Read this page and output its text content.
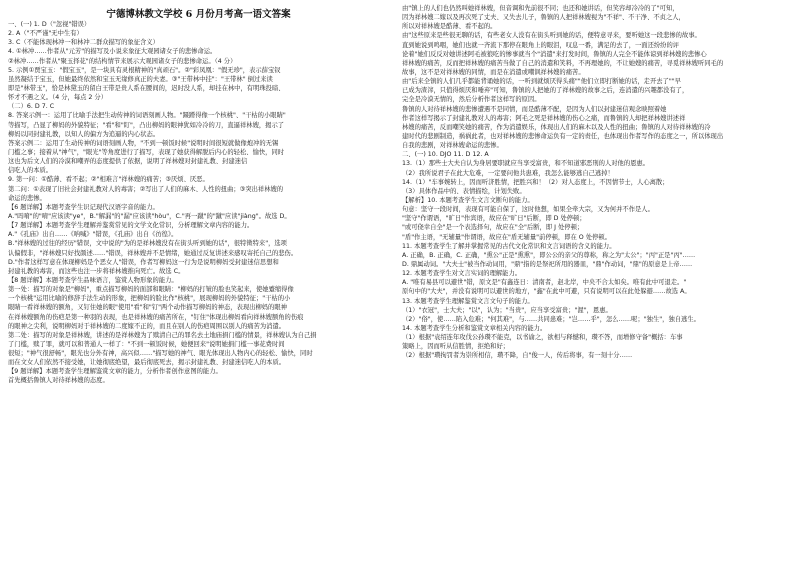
宁德博林教文学校 6 月份月考高一语文答案
一、(一) 1. D（"忽视"错误）
2. A（"不严谨"无中生有）
3. C（不能体现林冲一和林冲二群众描写的象征含义）
4. ①林冲……作者从"元芳"的描写及小说来象征大观园诸女子的悲惨命运。
②林冲……作者从"聚玉择花"的结构情节来展示大观园诸女子的悲惨命运。（4 分）
5. 示例①贾宝玉："假宝玉"，是一块具有灵根精神的"真顽石"。②"彩凤凰："假无珍"，表示薛宝钗
虽然凝结于宝玉，但她最终依然和宝玉无缘修真正的夫妻。③"王带林中挂"："王带林" 倒过来读
即是"林带玉"，恰是林黛玉的留白王带是贵人系在腰间的，迟时没人系，却挂在林中，有明珠投暗、
怀才不遇之义。（4 分，每点 2 分）
（二）6. D 7. C
8. 答案示例一：运用了比喻手法把生动传神的词语刻画人物。"蹑蹐得像一个核桃"、"干枯的小眼睛"
等描写，凸显了柳妈的外貌特征；"看"和"盯"，凸出柳妈的眼神犹如冷冷的刀，直逼祥林嫂，揭示了
柳妈以同封建礼教，以知人的偏方为追逼的内心状态。
答案示例二：运用了生动传神的词语刻画人物，"不到一顿饭时候"说明时间很短就做像炮冲的无锡
门槛之事；接着从"神气"，"眼光"等角度进行了描写，表现了她获得解脱后内心的轻松、愉快，同时
这也为后文人们的冷漠和嘲弄的态度提供了依据，说明了祥林嫂对封建礼教、封建迷信
信吃人的本质。
9. 第一问：①酷薄、看不起；②"相难言"祥林嫂的痛苦；③厌烦、厌恶。
第二问：①表现了旧社会封建礼教对人的毒害；②写出了人们的麻木、人性的扭曲；③突出祥林嫂的
命运的悲惨。
【6 题详解】本题考查学生识记现代汉语字音的能力。
A."吗唷"的"唷"应该读"ye"，B."解漏"的"漏"应该读"hòu"，C."再一蹴"的"蹴"应读"jiàng"。故选 D。
【7 题详解】本题考查学生理解并鉴赏常见的文学文化常识，分析理解文章内容的能力。
A."《孔庙》出自……《呐喊》"错误，《孔庙》出自《彷徨》。
B."祥林嫂的过往的经历"错误，文中说的"为的是祥林嫂没有在街头听到她的话"，很特徵特来"，选项
认偏假非，"祥林嫂只好找颜述……"错误，祥林嫂并不是情绪，她通过反复讲述来感叹寄托自己的悲伤。
D."作者这样写意在体现柳妈是个恶女人"错误，作者写柳妈这一行为是说明柳妈受封建迷信思想和
封建礼教的毒害，而这些也注一步将祥林嫂推向死亡。故选 C。
【8 题详解】本题考查学生品味语言，鉴赏人物形象的能力。
第一处：描写的对象是"柳妈"，重点描写柳妈的面部和眼睛："柳妈的打皱的脸也笑起来，使她蹙缩得像
一个核桃"运用比喻的修辞手法生动的形象，把柳妈的脸比作"核桃"，展现柳妈的外貌特征；"干枯的小
眼睛一看祥林嫂的额角，又钉住她的眼"使用"看"和"钉"两个动作描写柳妈的神态，表现出柳妈的眼神
在祥林嫂额角的伤疤是第一种羽的表现，也是祥林嫂的痛苦所在，"钉住"体现出柳妈看向祥林嫂额角的伤痕
的眼神之尖利，说明柳妈对于祥林嫂的二度嫁不正的，而且在别人的伤疤周围以别人的痛苦为消遣。
第二处：描写的对象是祥林嫂，讲述的是祥林嫂为了赎清自己的罪名去土地庙捐门槛的情景，祥林嫂认为自己捐
了门槛，赎了罪，就可以和普通人一样了："不到一顿饭时候，她便回来"说明她捐门槛一事花费时间
很短；"神气很舒畅"，眼光也分外有神，高兴似……"描写她的神气、眼光体现出人物内心的轻松、愉快，同时
而在文女人们依然不接受她，让她彻底绝望，最后彻底死去，揭示封建礼教、封建迷信吃人的本质。
【9 题详解】本题考查学生理解鉴赏文章的能力，分析作者创作意图的能力。
首先概括鲁镇人对待祥林嫂的态度。
由"镇上的人们也仍然叫她祥林嫂，但音调和先前很不同；也还和她讲话，但笑容却冷冷的了"可知，
因为祥林嫂二嫁以及再次死了丈夫、又失去儿子，鲁镇的人把祥林嫂视为"不祥"、不干净、不贞之人，
所以对祥林嫂是酷薄、看不起的。
由"这些原来是些很无聊的话，有些老女人没有在街头听到她的话，便特意寻来，要听她这一段悲惨的故事。
直到她说到鸣咽，她们也就一齐流下那停在眼角上的眼泪，叹息一番，满足的去了，一面还纷纷的评
论着"她们反反对她讲述阿毛被狼吃的惨事就当个"消遣"来打发时间，鲁镇的人完全不能体谅到祥林嫂的悲惨心
祥林嫂的痛苦，反而把祥林嫂的痛苦当做了自己的消遣和笑料，不再理她的，不让她嫂的痛苦，寻觅祥林嫂听同毛的
故事，这不是对祥林嫂的同情，而是在消遣或嘲讽祥林嫂的痛苦。
由"后来全镇的人们几乎都能背诵她的话，一听到就烦厌得头痛""他们立即打断她的话，走开去了""早
已成为渣滓，只值得烦厌和唾弃"可知，鲁镇的人把她的了祥林嫂的故事之后，连消遣的兴趣都没有了，
完全是冷漠无情的，然后分析作者这样写的原因。
鲁镇的人对待祥林嫂的悲惨遭遇不是同情，而是酷薄不配，是因为人们以封建迷信观念映照着她
作者这样写揭示了封建礼教对人的毒害；阿毛之死是祥林嫂的伤心之痛，而鲁镇的人却把祥林嫂讲述祥
林嫂的痛苦，反而嘲笑她的痛苦，作为消遣娱乐，体现出人们的麻木以及人性的扭曲；鲁镇的人对待祥林嫂的冷
建时代的悲剧制造，祸祸此者，也对祥林嫂的悲惨命运负有一定的责任，也体现出作者写作的态度之一，所以体现出
自我的悲剧，对祥林嫂命运的悲惨。
二、(一) 10. DJO 11. D 12. A
13.（1）那些士大夫自认为身居要职就应当享受富贵，和不知道邪恶刑的人对他的恩惠。
（2）我所说君子在此大危难，一定要问他共患难，我怎么能够逃自己逃掉！
14.（1）"车事婉转上，因而听济胜情，把胜兴和！（2）对人态度上，不因情节士，人心离散；
（3）具体作品中的、表情描绘，计划失败。
【解析】10. 本题考查学生文言文断句的能力。
句意：坚守一段时间，表现有可能自保了，这时他想，如果全牵大宗，又为何并不作是人。
"坚守"作谓语，"旷日"作宾语，故应在"旷日"后断，即 D 处停顿；
"或可侥幸自全"是一个表选择句，故应在"全"后断，即 J 处停顿；
"盾"作主语，"无辅量"作谓语，故应在"盾无辅量"前停顿，即在 O 处停顿。
11. 本题考查学生了解并掌握常见的古代文化常识和文言词语的含义的能力。
A. 正确，B. 正确，C. 正确，"熏公"正是"熏熏"，即公公的亲父的尊称，称之为"太公"；"丙"正是"丙"……
D. 鼎属动词。"大夫士"被当作动词用，"鼎"指的是祭祀所用的器皿，"鼎"作动词，"鼎"的原意是上帝……
12. 本题考查学生对文言实词的理解能力。
A. "唯有易县可以避世"错，原文是"有鑫连日：清南者，赵北岸，中央不合太如矣。唯有此中可退走。"
原句中的"大夫"，并没有说明可以避世的地方，"鑫"在此中可避，只有说明可以在此处躲避……故选 A。
13. 本题考查学生理解鉴赏文言文句子的能力。
（1）"衣冠"，士大夫；"以"，认为；"当贵"，应当享受富贵；"渥"，恩惠。
（2）"俗"，使……陷入危难；"何其难"，与……共同患难；"岂……乎"，怎么……呢；"独生"，独自逃生。
14. 本题考查学生分析和鉴赏文章相关内容的能力。
（1）根据"袁绍连年攻伐公孙瓒不能克，以书谕之，欲相与释憾和，瓒不答，而增修守备"概括：车事
策略上，因而听从信胜情，拒绝和好；
（2）根据"瓒拘罚者为崇所相信，瓒不降，自"俊一人，传后将事，有一刻十分……
